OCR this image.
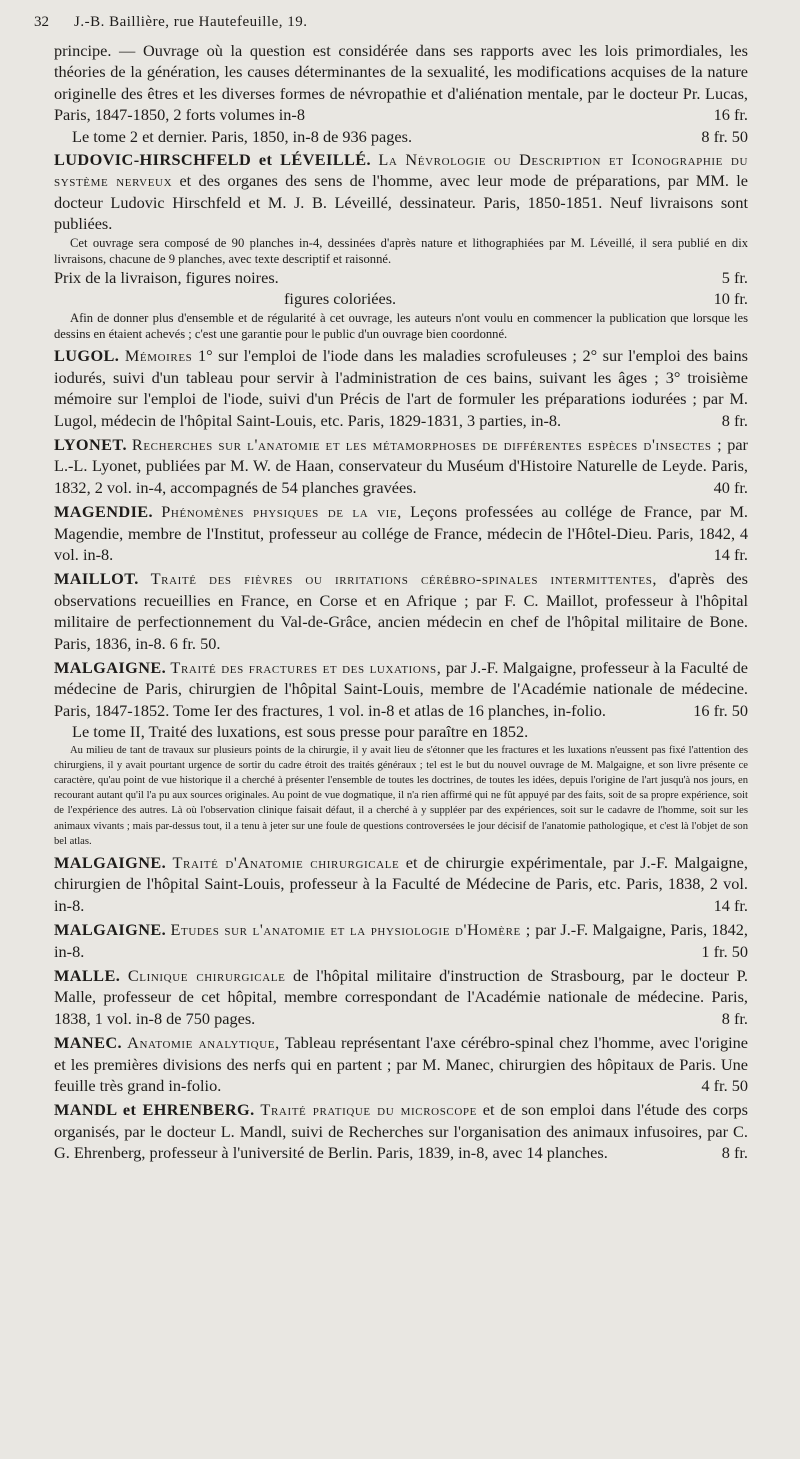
32	J.-B. Baillière, rue Hautefeuille, 19.

principe. — Ouvrage où la question est considérée dans ses rapports avec les lois primordiales, les théories de la génération, les causes déterminantes de la sexualité, les modifications acquises de la nature originelle des êtres et les diverses formes de névropathie et d'aliénation mentale, par le docteur Pr. Lucas, Paris, 1847-1850, 2 forts volumes in-8	16 fr.

Le tome 2 et dernier. Paris, 1850, in-8 de 936 pages.	8 fr. 50

LUDOVIC-HIRSCHFELD et LÉVEILLÉ. La Névrologie ou Description et Iconographie du système nerveux et des organes des sens de l'homme, avec leur mode de préparations, par MM. le docteur Ludovic Hirschfeld et M. J. B. Léveillé, dessinateur. Paris, 1850-1851. Neuf livraisons sont publiées.

Cet ouvrage sera composé de 90 planches in-4, dessinées d'après nature et lithographiées par M. Léveillé, il sera publié en dix livraisons, chacune de 9 planches, avec texte descriptif et raisonné.

Prix de la livraison, figures noires.	5 fr.
figures coloriées.	10 fr.

Afin de donner plus d'ensemble et de régularité à cet ouvrage, les auteurs n'ont voulu en commencer la publication que lorsque les dessins en étaient achevés ; c'est une garantie pour le public d'un ouvrage bien coordonné.

LUGOL. Mémoires 1° sur l'emploi de l'iode dans les maladies scrofuleuses ; 2° sur l'emploi des bains iodurés, suivi d'un tableau pour servir à l'administration de ces bains, suivant les âges ; 3° troisième mémoire sur l'emploi de l'iode, suivi d'un Précis de l'art de formuler les préparations iodurées ; par M. Lugol, médecin de l'hôpital Saint-Louis, etc. Paris, 1829-1831, 3 parties, in-8.	8 fr.

LYONET. Recherches sur l'anatomie et les métamorphoses de différentes espèces d'insectes ; par L.-L. Lyonet, publiées par M. W. de Haan, conservateur du Muséum d'Histoire Naturelle de Leyde. Paris, 1832, 2 vol. in-4, accompagnés de 54 planches gravées.	40 fr.

MAGENDIE. Phénomènes physiques de la vie, Leçons professées au collége de France, par M. Magendie, membre de l'Institut, professeur au collége de France, médecin de l'Hôtel-Dieu. Paris, 1842, 4 vol. in-8.	14 fr.

MAILLOT. Traité des fièvres ou irritations cérébro-spinales intermittentes, d'après des observations recueillies en France, en Corse et en Afrique ; par F. C. Maillot, professeur à l'hôpital militaire de perfectionnement du Val-de-Grâce, ancien médecin en chef de l'hôpital militaire de Bone. Paris, 1836, in-8. 6 fr. 50.

MALGAIGNE. Traité des fractures et des luxations, par J.-F. Malgaigne, professeur à la Faculté de médecine de Paris, chirurgien de l'hôpital Saint-Louis, membre de l'Académie nationale de médecine. Paris, 1847-1852. Tome Ier des fractures, 1 vol. in-8 et atlas de 16 planches, in-folio.	16 fr. 50

Le tome II, Traité des luxations, est sous presse pour paraître en 1852.

Au milieu de tant de travaux sur plusieurs points de la chirurgie, il y avait lieu de s'étonner que les fractures et les luxations n'eussent pas fixé l'attention des chirurgiens, il y avait pourtant urgence de sortir du cadre étroit des traités généraux ; tel est le but du nouvel ouvrage de M. Malgaigne, et son livre présente ce caractère, qu'au point de vue historique il a cherché à présenter l'ensemble de toutes les doctrines, de toutes les idées, depuis l'origine de l'art jusqu'à nos jours, en recourant autant qu'il l'a pu aux sources originales. Au point de vue dogmatique, il n'a rien affirmé qui ne fût appuyé par des faits, soit de sa propre expérience, soit de l'expérience des autres. Là où l'observation clinique faisait défaut, il a cherché à y suppléer par des expériences, soit sur le cadavre de l'homme, soit sur les animaux vivants ; mais par-dessus tout, il a tenu à jeter sur une foule de questions controversées le jour décisif de l'anatomie pathologique, et c'est là l'objet de son bel atlas.

MALGAIGNE. Traité d'Anatomie chirurgicale et de chirurgie expérimentale, par J.-F. Malgaigne, chirurgien de l'hôpital Saint-Louis, professeur à la Faculté de Médecine de Paris, etc. Paris, 1838, 2 vol. in-8.	14 fr.

MALGAIGNE. Etudes sur l'anatomie et la physiologie d'Homère ; par J.-F. Malgaigne, Paris, 1842, in-8.	1 fr. 50

MALLE. Clinique chirurgicale de l'hôpital militaire d'instruction de Strasbourg, par le docteur P. Malle, professeur de cet hôpital, membre correspondant de l'Académie nationale de médecine. Paris, 1838, 1 vol. in-8 de 750 pages.	8 fr.

MANEC. Anatomie analytique, Tableau représentant l'axe cérébro-spinal chez l'homme, avec l'origine et les premières divisions des nerfs qui en partent ; par M. Manec, chirurgien des hôpitaux de Paris. Une feuille très grand in-folio.	4 fr. 50

MANDL et EHRENBERG. Traité pratique du microscope et de son emploi dans l'étude des corps organisés, par le docteur L. Mandl, suivi de Recherches sur l'organisation des animaux infusoires, par C. G. Ehrenberg, professeur à l'université de Berlin. Paris, 1839, in-8, avec 14 planches.	8 fr.
